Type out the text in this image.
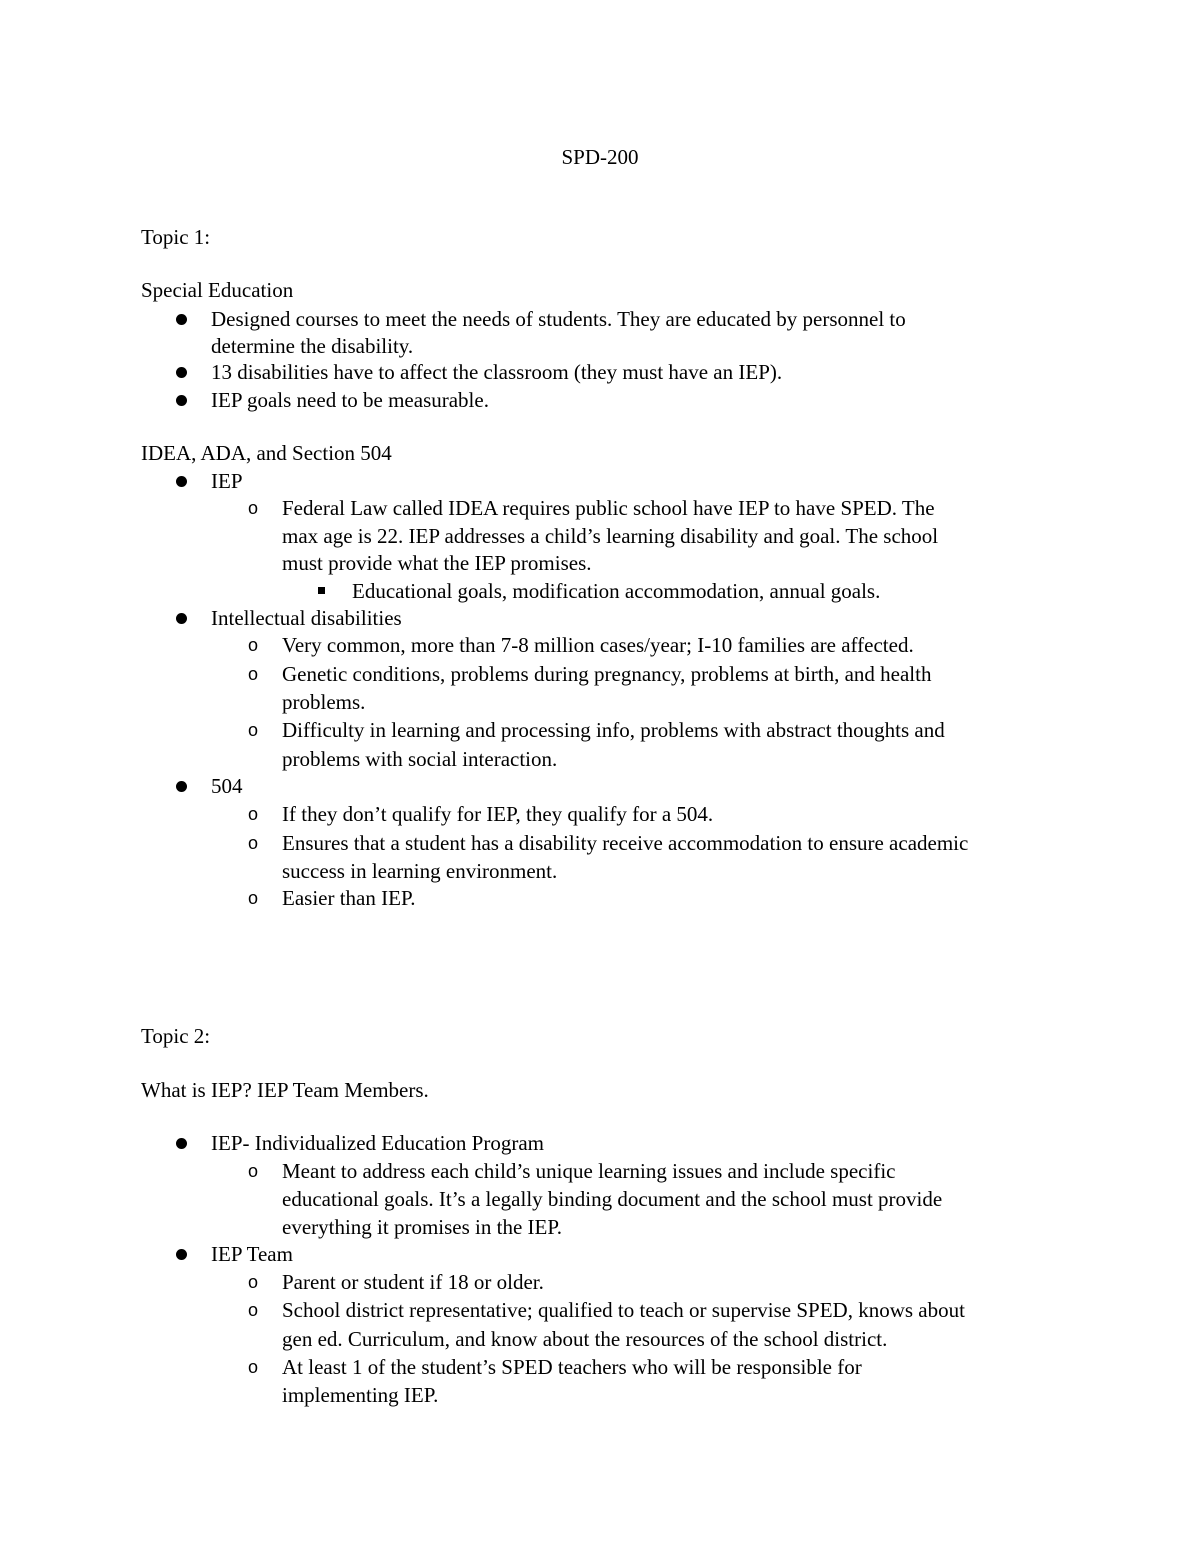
SPD-200
Topic 1:
Special Education
Designed courses to meet the needs of students. They are educated by personnel to
determine the disability.
13 disabilities have to affect the classroom (they must have an IEP).
IEP goals need to be measurable.
IDEA, ADA, and Section 504
IEP
o Federal Law called IDEA requires public school have IEP to have SPED. The
max age is 22. IEP addresses a child’s learning disability and goal. The school
must provide what the IEP promises.
Educational goals, modification accommodation, annual goals.
Intellectual disabilities
o Very common, more than 7-8 million cases/year; I-10 families are affected.
o Genetic conditions, problems during pregnancy, problems at birth, and health
problems.
o Difficulty in learning and processing info, problems with abstract thoughts and
problems with social interaction.
504
o If they don’t qualify for IEP, they qualify for a 504.
o Ensures that a student has a disability receive accommodation to ensure academic
success in learning environment.
o Easier than IEP.
Topic 2:
What is IEP? IEP Team Members.
IEP- Individualized Education Program
o Meant to address each child’s unique learning issues and include specific
educational goals. It’s a legally binding document and the school must provide
everything it promises in the IEP.
IEP Team
o Parent or student if 18 or older.
o School district representative; qualified to teach or supervise SPED, knows about
gen ed. Curriculum, and know about the resources of the school district.
o At least 1 of the student’s SPED teachers who will be responsible for
implementing IEP.
